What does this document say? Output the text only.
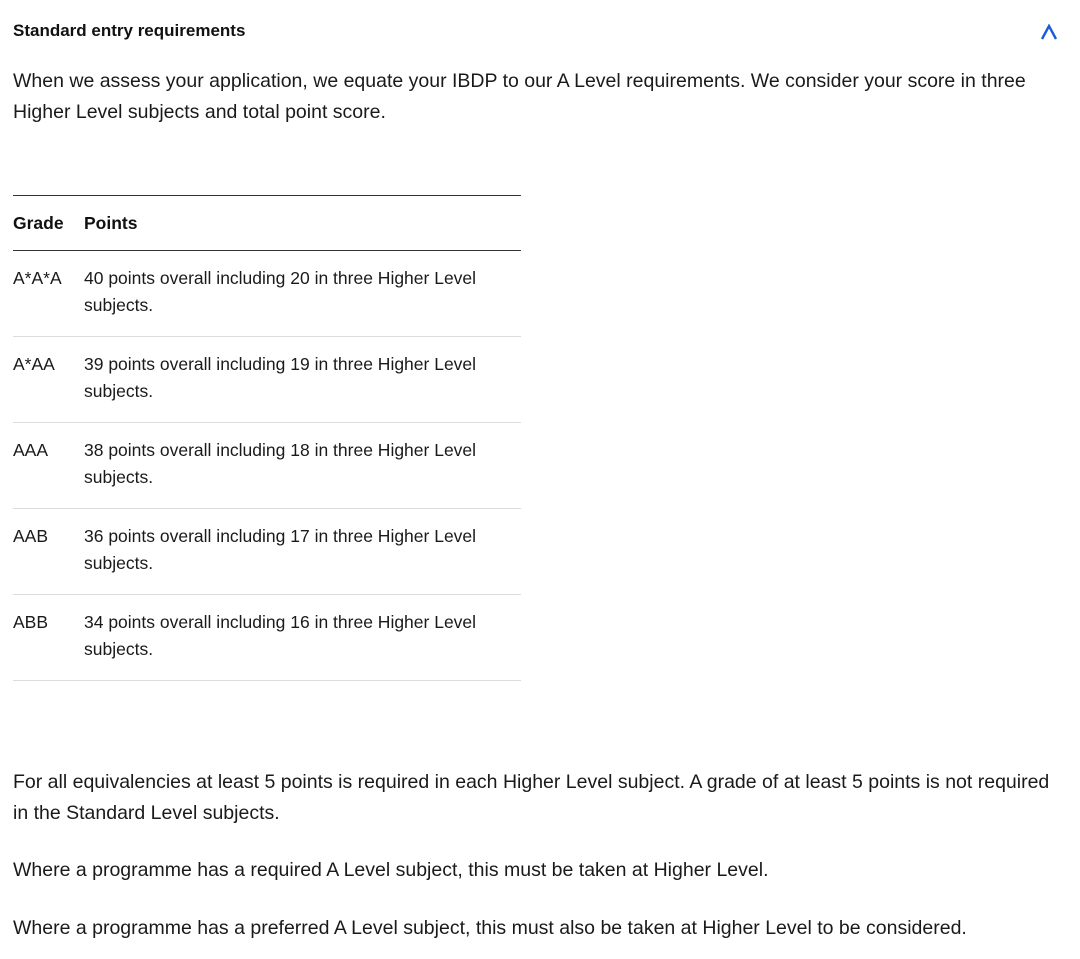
Standard entry requirements

When we assess your application, we equate your IBDP to our A Level requirements. We consider your score in three Higher Level subjects and total point score.

Grade	Points
A*A*A	40 points overall including 20 in three Higher Level subjects.
A*AA	39 points overall including 19 in three Higher Level subjects.
AAA	38 points overall including 18 in three Higher Level subjects.
AAB	36 points overall including 17 in three Higher Level subjects.
ABB	34 points overall including 16 in three Higher Level subjects.

For all equivalencies at least 5 points is required in each Higher Level subject. A grade of at least 5 points is not required in the Standard Level subjects.

Where a programme has a required A Level subject, this must be taken at Higher Level.

Where a programme has a preferred A Level subject, this must also be taken at Higher Level to be considered.
